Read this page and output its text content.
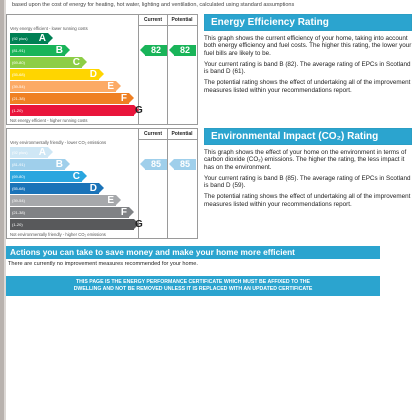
based upon the cost of energy for heating, hot water, lighting and ventilation, calculated using standard assumptions
Current	Potential
Very energy efficient - lower running costs
(92 plus) A
(81-91)	B
(69-80)	C
(55-68)	D
(39-54)	E
(21-38)	F
(1-20)	G
Not energy efficient - higher running costs
82	82
Current	Potential
Very environmentally friendly - lower CO₂ emissions
(92 plus) A
(81-91)	B
(69-80)	C
(55-68)	D
(39-54)	E
(21-38)	F
(1-20)	G
Not environmentally friendly - higher CO₂ emissions
85	85
Energy Efficiency Rating

This graph shows the current efficiency of your home, taking into account both energy efficiency and fuel costs. The higher this rating, the lower your fuel bills are likely to be.

Your current rating is band B (82). The average rating of EPCs in Scotland is band D (61).

The potential rating shows the effect of undertaking all of the improvement measures listed within your recommendations report.

Environmental Impact (CO₂) Rating

This graph shows the effect of your home on the environment in terms of carbon dioxide (CO₂) emissions. The higher the rating, the less impact it has on the environment.

Your current rating is band B (85). The average rating of EPCs in Scotland is band D (59).

The potential rating shows the effect of undertaking all of the improvement measures listed within your recommendations report.

Actions you can take to save money and make your home more efficient
There are currently no improvement measures recommended for your home.
THIS PAGE IS THE ENERGY PERFORMANCE CERTIFICATE WHICH MUST BE AFFIXED TO THE
DWELLING AND NOT BE REMOVED UNLESS IT IS REPLACED WITH AN UPDATED CERTIFICATE
